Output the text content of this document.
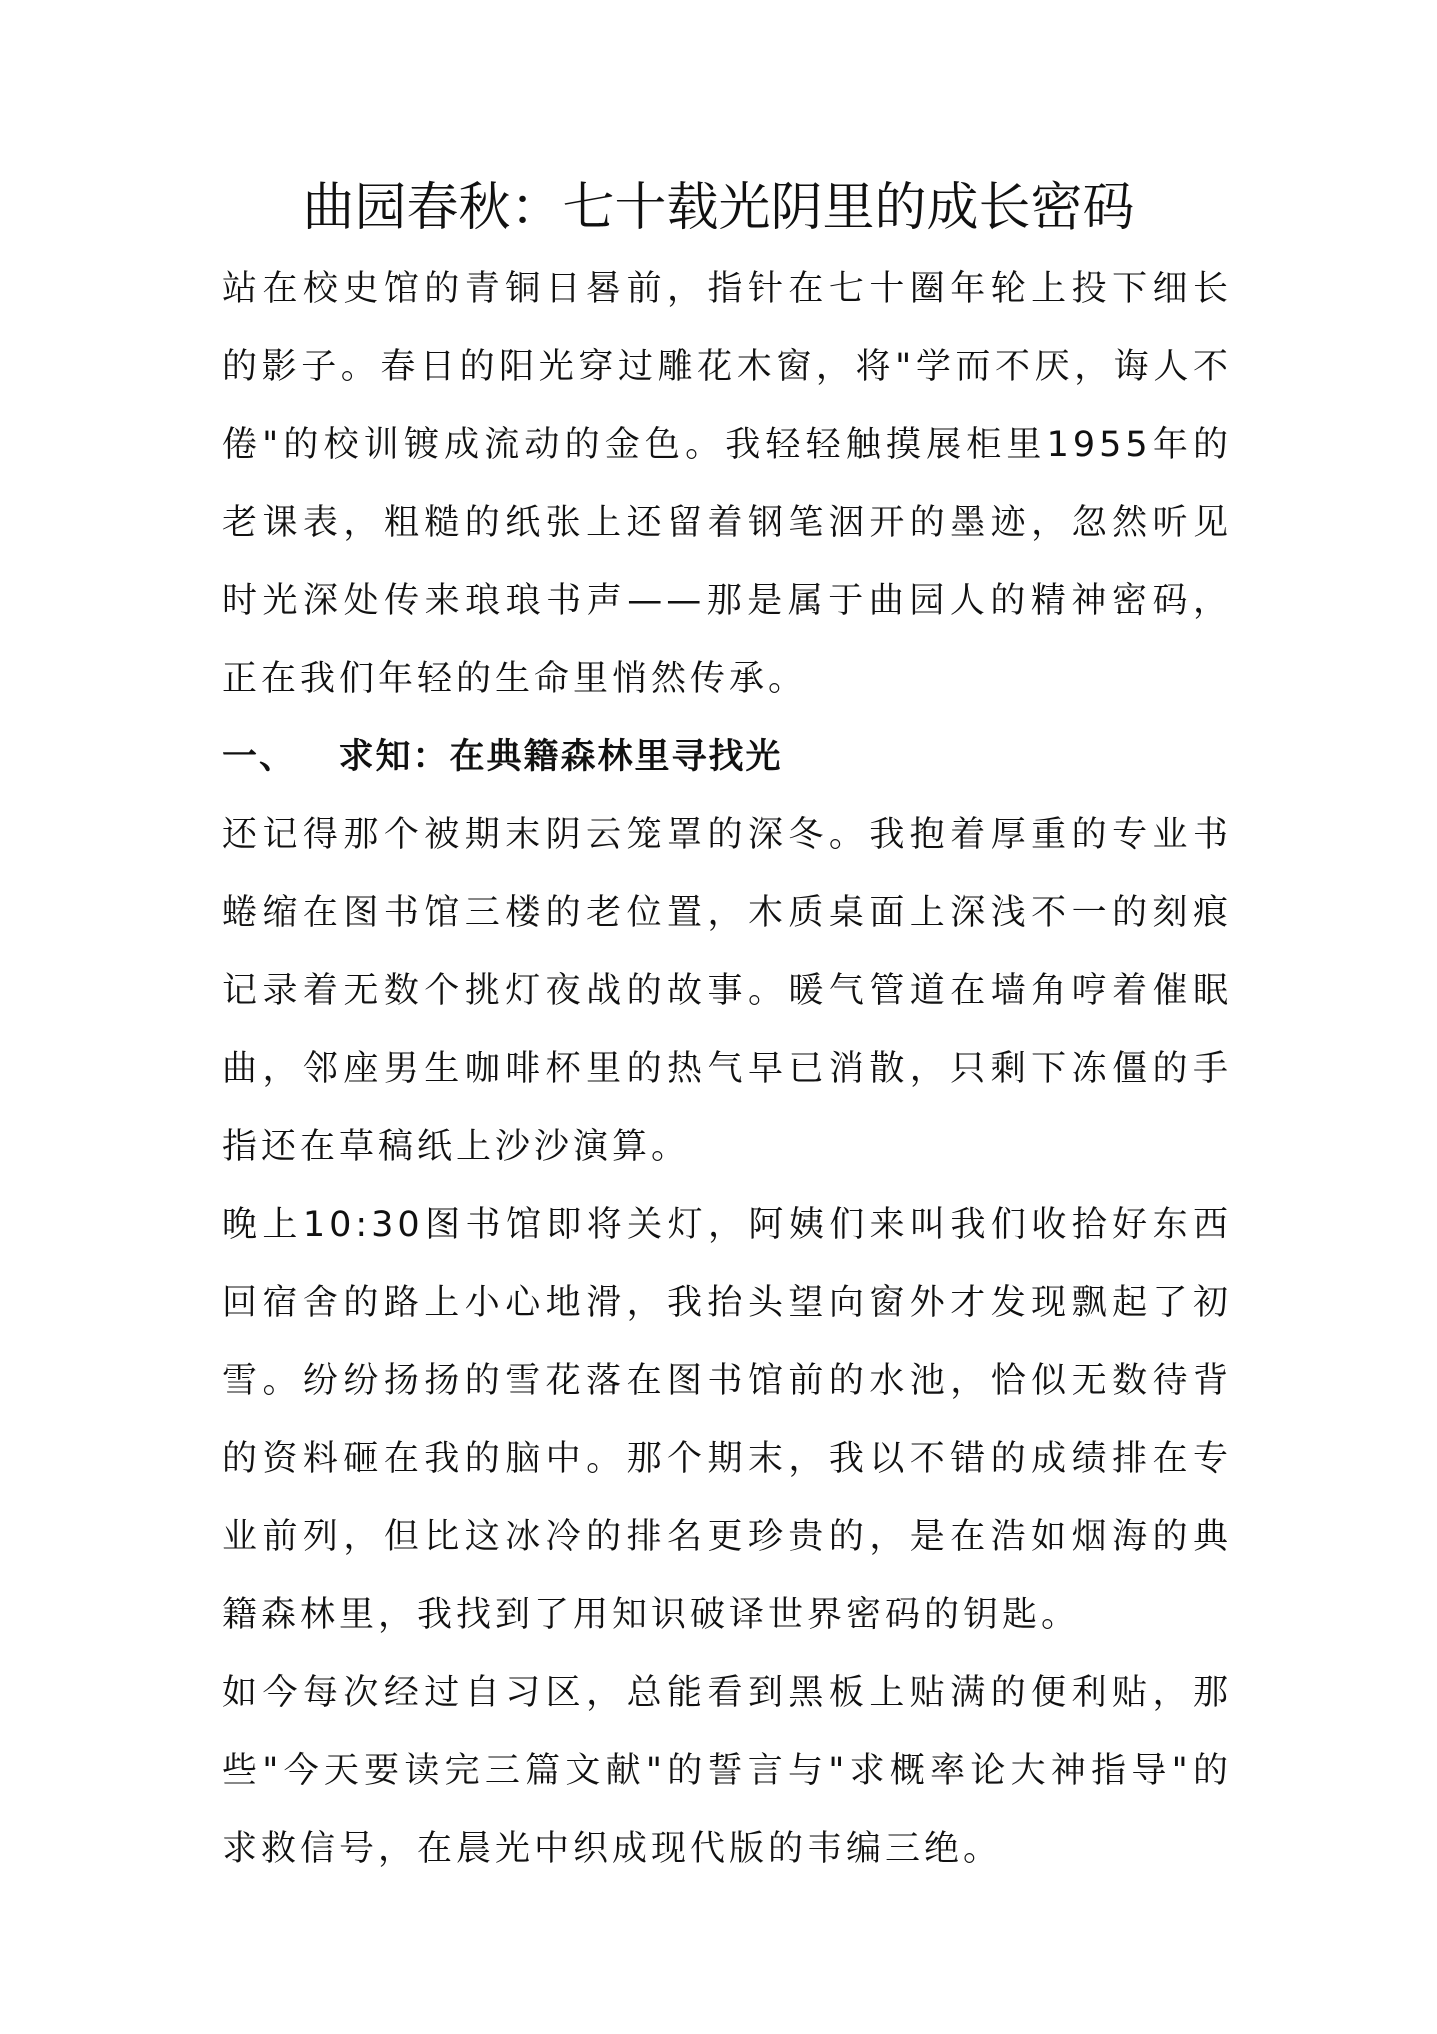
曲园春秋：七十载光阴里的成长密码

站在校史馆的青铜日晷前，指针在七十圈年轮上投下细长的影子。春日的阳光穿过雕花木窗，将"学而不厌，诲人不倦"的校训镀成流动的金色。我轻轻触摸展柜里1955年的老课表，粗糙的纸张上还留着钢笔洇开的墨迹，忽然听见时光深处传来琅琅书声——那是属于曲园人的精神密码，正在我们年轻的生命里悄然传承。

一、   求知：在典籍森林里寻找光

还记得那个被期末阴云笼罩的深冬。我抱着厚重的专业书蜷缩在图书馆三楼的老位置，木质桌面上深浅不一的刻痕记录着无数个挑灯夜战的故事。暖气管道在墙角哼着催眠曲，邻座男生咖啡杯里的热气早已消散，只剩下冻僵的手指还在草稿纸上沙沙演算。

晚上10:30图书馆即将关灯，阿姨们来叫我们收拾好东西回宿舍的路上小心地滑，我抬头望向窗外才发现飘起了初雪。纷纷扬扬的雪花落在图书馆前的水池，恰似无数待背的资料砸在我的脑中。那个期末，我以不错的成绩排在专业前列，但比这冰冷的排名更珍贵的，是在浩如烟海的典籍森林里，我找到了用知识破译世界密码的钥匙。

如今每次经过自习区，总能看到黑板上贴满的便利贴，那些"今天要读完三篇文献"的誓言与"求概率论大神指导"的求救信号，在晨光中织成现代版的韦编三绝。
